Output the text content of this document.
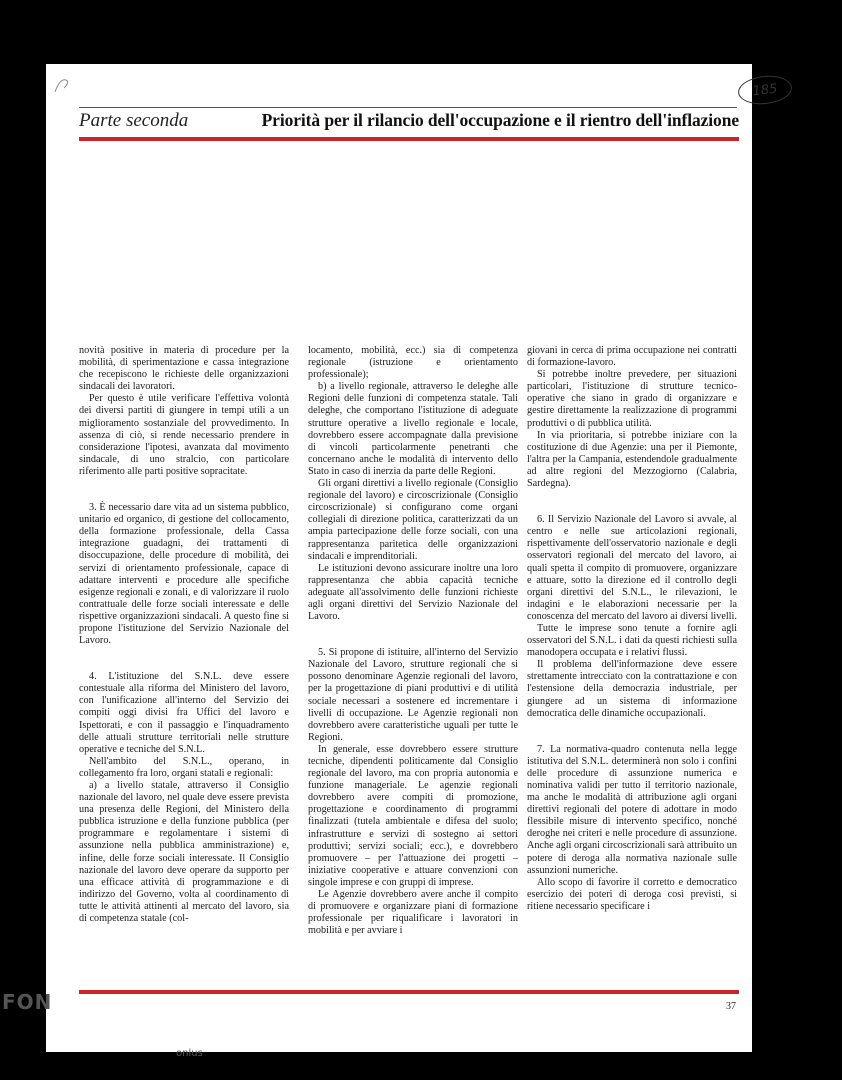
185
Parte seconda	Priorità per il rilancio dell'occupazione e il rientro dell'inflazione

novità positive in materia di procedure per la mobilità, di sperimentazione e cassa integrazione che recepiscono le richieste delle organizzazioni sindacali dei lavoratori.

Per questo è utile verificare l'effettiva volontà dei diversi partiti di giungere in tempi utili a un miglioramento sostanziale del provvedimento. In assenza di ciò, si rende necessario prendere in considerazione l'ipotesi, avanzata dal movimento sindacale, di uno stralcio, con particolare riferimento alle parti positive sopracitate.

3. È necessario dare vita ad un sistema pubblico, unitario ed organico, di gestione del collocamento, della formazione professionale, della Cassa integrazione guadagni, dei trattamenti di disoccupazione, delle procedure di mobilità, dei servizi di orientamento professionale, capace di adattare interventi e procedure alle specifiche esigenze regionali e zonali, e di valorizzare il ruolo contrattuale delle forze sociali interessate e delle rispettive organizzazioni sindacali. A questo fine si propone l'istituzione del Servizio Nazionale del Lavoro.

4. L'istituzione del S.N.L. deve essere contestuale alla riforma del Ministero del lavoro, con l'unificazione all'interno del Servizio dei compiti oggi divisi fra Uffici del lavoro e Ispettorati, e con il passaggio e l'inquadramento delle attuali strutture territoriali nelle strutture operative e tecniche del S.N.L.

Nell'ambito del S.N.L., operano, in collegamento fra loro, organi statali e regionali:

a) a livello statale, attraverso il Consiglio nazionale del lavoro, nel quale deve essere prevista una presenza delle Regioni, del Ministero della pubblica istruzione e della funzione pubblica (per programmare e regolamentare i sistemi di assunzione nella pubblica amministrazione) e, infine, delle forze sociali interessate. Il Consiglio nazionale del lavoro deve operare da supporto per una efficace attività di programmazione e di indirizzo del Governo, volta al coordinamento di tutte le attività attinenti al mercato del lavoro, sia di competenza statale (col-

locamento, mobilità, ecc.) sia di competenza regionale (istruzione e orientamento professionale);

b) a livello regionale, attraverso le deleghe alle Regioni delle funzioni di competenza statale. Tali deleghe, che comportano l'istituzione di adeguate strutture operative a livello regionale e locale, dovrebbero essere accompagnate dalla previsione di vincoli particolarmente penetranti che concernano anche le modalità di intervento dello Stato in caso di inerzia da parte delle Regioni.

Gli organi direttivi a livello regionale (Consiglio regionale del lavoro) e circoscrizionale (Consiglio circoscrizionale) si configurano come organi collegiali di direzione politica, caratterizzati da un ampia partecipazione delle forze sociali, con una rappresentanza paritetica delle organizzazioni sindacali e imprenditoriali.

Le istituzioni devono assicurare inoltre una loro rappresentanza che abbia capacità tecniche adeguate all'assolvimento delle funzioni richieste agli organi direttivi del Servizio Nazionale del Lavoro.

5. Si propone di istituire, all'interno del Servizio Nazionale del Lavoro, strutture regionali che si possono denominare Agenzie regionali del lavoro, per la progettazione di piani produttivi e di utilità sociale necessari a sostenere ed incrementare i livelli di occupazione. Le Agenzie regionali non dovrebbero avere caratteristiche uguali per tutte le Regioni.

In generale, esse dovrebbero essere strutture tecniche, dipendenti politicamente dal Consiglio regionale del lavoro, ma con propria autonomia e funzione manageriale. Le agenzie regionali dovrebbero avere compiti di promozione, progettazione e coordinamento di programmi finalizzati (tutela ambientale e difesa del suolo; infrastrutture e servizi di sostegno ai settori produttivi; servizi sociali; ecc.), e dovrebbero promuovere – per l'attuazione dei progetti – iniziative cooperative e attuare convenzioni con singole imprese e con gruppi di imprese.

Le Agenzie dovrebbero avere anche il compito di promuovere e organizzare piani di formazione professionale per riqualificare i lavoratori in mobilità e per avviare i

giovani in cerca di prima occupazione nei contratti di formazione-lavoro.

Si potrebbe inoltre prevedere, per situazioni particolari, l'istituzione di strutture tecnico-operative che siano in grado di organizzare e gestire direttamente la realizzazione di programmi produttivi o di pubblica utilità.

In via prioritaria, si potrebbe iniziare con la costituzione di due Agenzie: una per il Piemonte, l'altra per la Campania, estendendole gradualmente ad altre regioni del Mezzogiorno (Calabria, Sardegna).

6. Il Servizio Nazionale del Lavoro si avvale, al centro e nelle sue articolazioni regionali, rispettivamente dell'osservatorio nazionale e degli osservatori regionali del mercato del lavoro, ai quali spetta il compito di promuovere, organizzare e attuare, sotto la direzione ed il controllo degli organi direttivi del S.N.L., le rilevazioni, le indagini e le elaborazioni necessarie per la conoscenza del mercato del lavoro ai diversi livelli.

Tutte le imprese sono tenute a fornire agli osservatori del S.N.L. i dati da questi richiesti sulla manodopera occupata e i relativi flussi.

Il problema dell'informazione deve essere strettamente intrecciato con la contrattazione e con l'estensione della democrazia industriale, per giungere ad un sistema di informazione democratica delle dinamiche occupazionali.

7. La normativa-quadro contenuta nella legge istitutiva del S.N.L. determinerà non solo i confini delle procedure di assunzione numerica e nominativa validi per tutto il territorio nazionale, ma anche le modalità di attribuzione agli organi direttivi regionali del potere di adottare in modo flessibile misure di intervento specifico, nonché deroghe nei criteri e nelle procedure di assunzione. Anche agli organi circoscrizionali sarà attribuito un potere di deroga alla normativa nazionale sulle assunzioni numeriche.

Allo scopo di favorire il corretto e democratico esercizio dei poteri di deroga così previsti, si ritiene necessario specificare i

37
FON
onlus
